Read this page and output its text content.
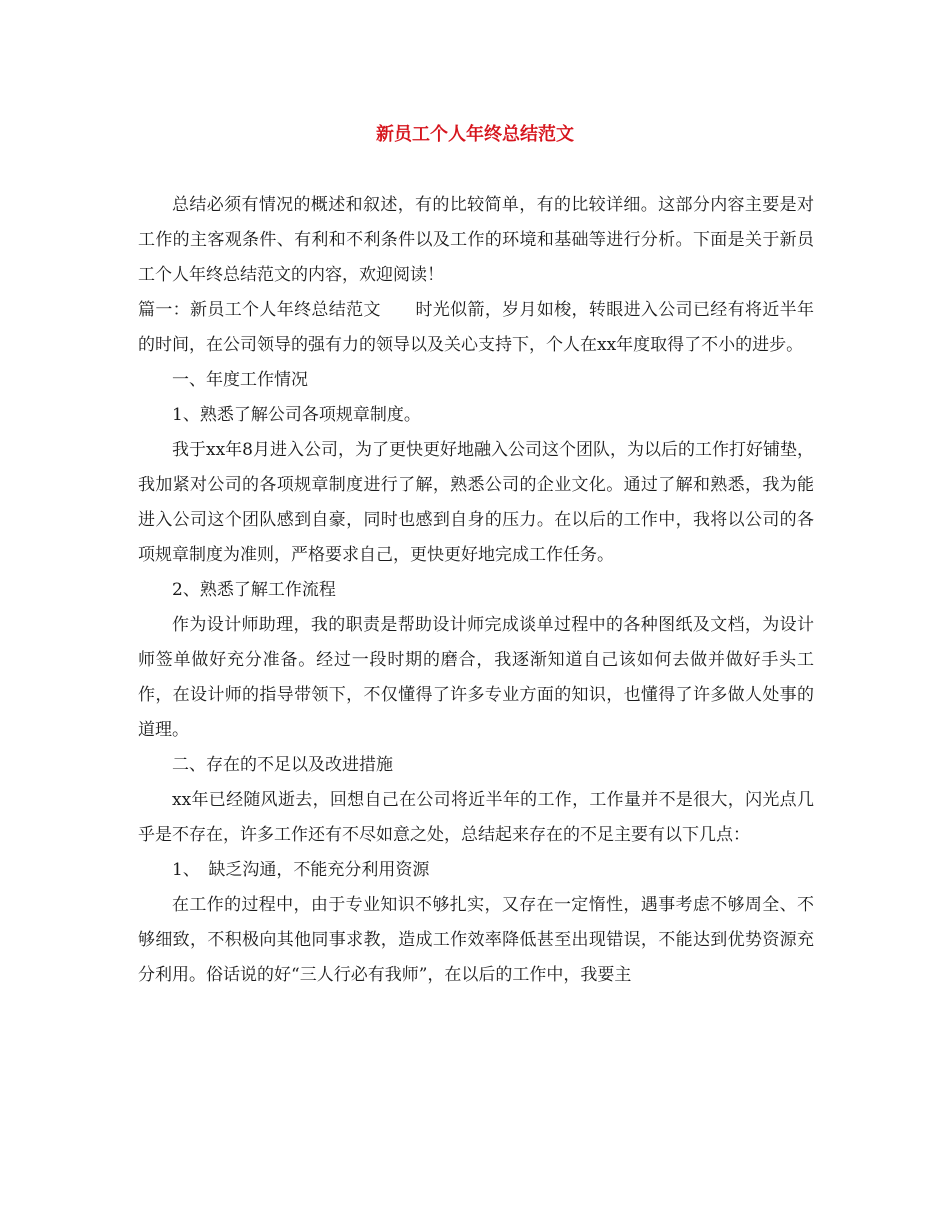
新员工个人年终总结范文

总结必须有情况的概述和叙述，有的比较简单，有的比较详细。这部分内容主要是对工作的主客观条件、有利和不利条件以及工作的环境和基础等进行分析。下面是关于新员工个人年终总结范文的内容，欢迎阅读！

篇一：新员工个人年终总结范文　　时光似箭，岁月如梭，转眼进入公司已经有将近半年的时间，在公司领导的强有力的领导以及关心支持下，个人在xx年度取得了不小的进步。

一、年度工作情况

1、熟悉了解公司各项规章制度。

我于xx年8月进入公司，为了更快更好地融入公司这个团队，为以后的工作打好铺垫，我加紧对公司的各项规章制度进行了解，熟悉公司的企业文化。通过了解和熟悉，我为能进入公司这个团队感到自豪，同时也感到自身的压力。在以后的工作中，我将以公司的各项规章制度为准则，严格要求自己，更快更好地完成工作任务。

2、熟悉了解工作流程

作为设计师助理，我的职责是帮助设计师完成谈单过程中的各种图纸及文档，为设计师签单做好充分准备。经过一段时期的磨合，我逐渐知道自己该如何去做并做好手头工作，在设计师的指导带领下，不仅懂得了许多专业方面的知识，也懂得了许多做人处事的道理。

二、存在的不足以及改进措施

xx年已经随风逝去，回想自己在公司将近半年的工作，工作量并不是很大，闪光点几乎是不存在，许多工作还有不尽如意之处，总结起来存在的不足主要有以下几点：

1、　缺乏沟通，不能充分利用资源

在工作的过程中，由于专业知识不够扎实，又存在一定惰性，遇事考虑不够周全、不够细致，不积极向其他同事求教，造成工作效率降低甚至出现错误，不能达到优势资源充分利用。俗话说的好“三人行必有我师”，在以后的工作中，我要主
